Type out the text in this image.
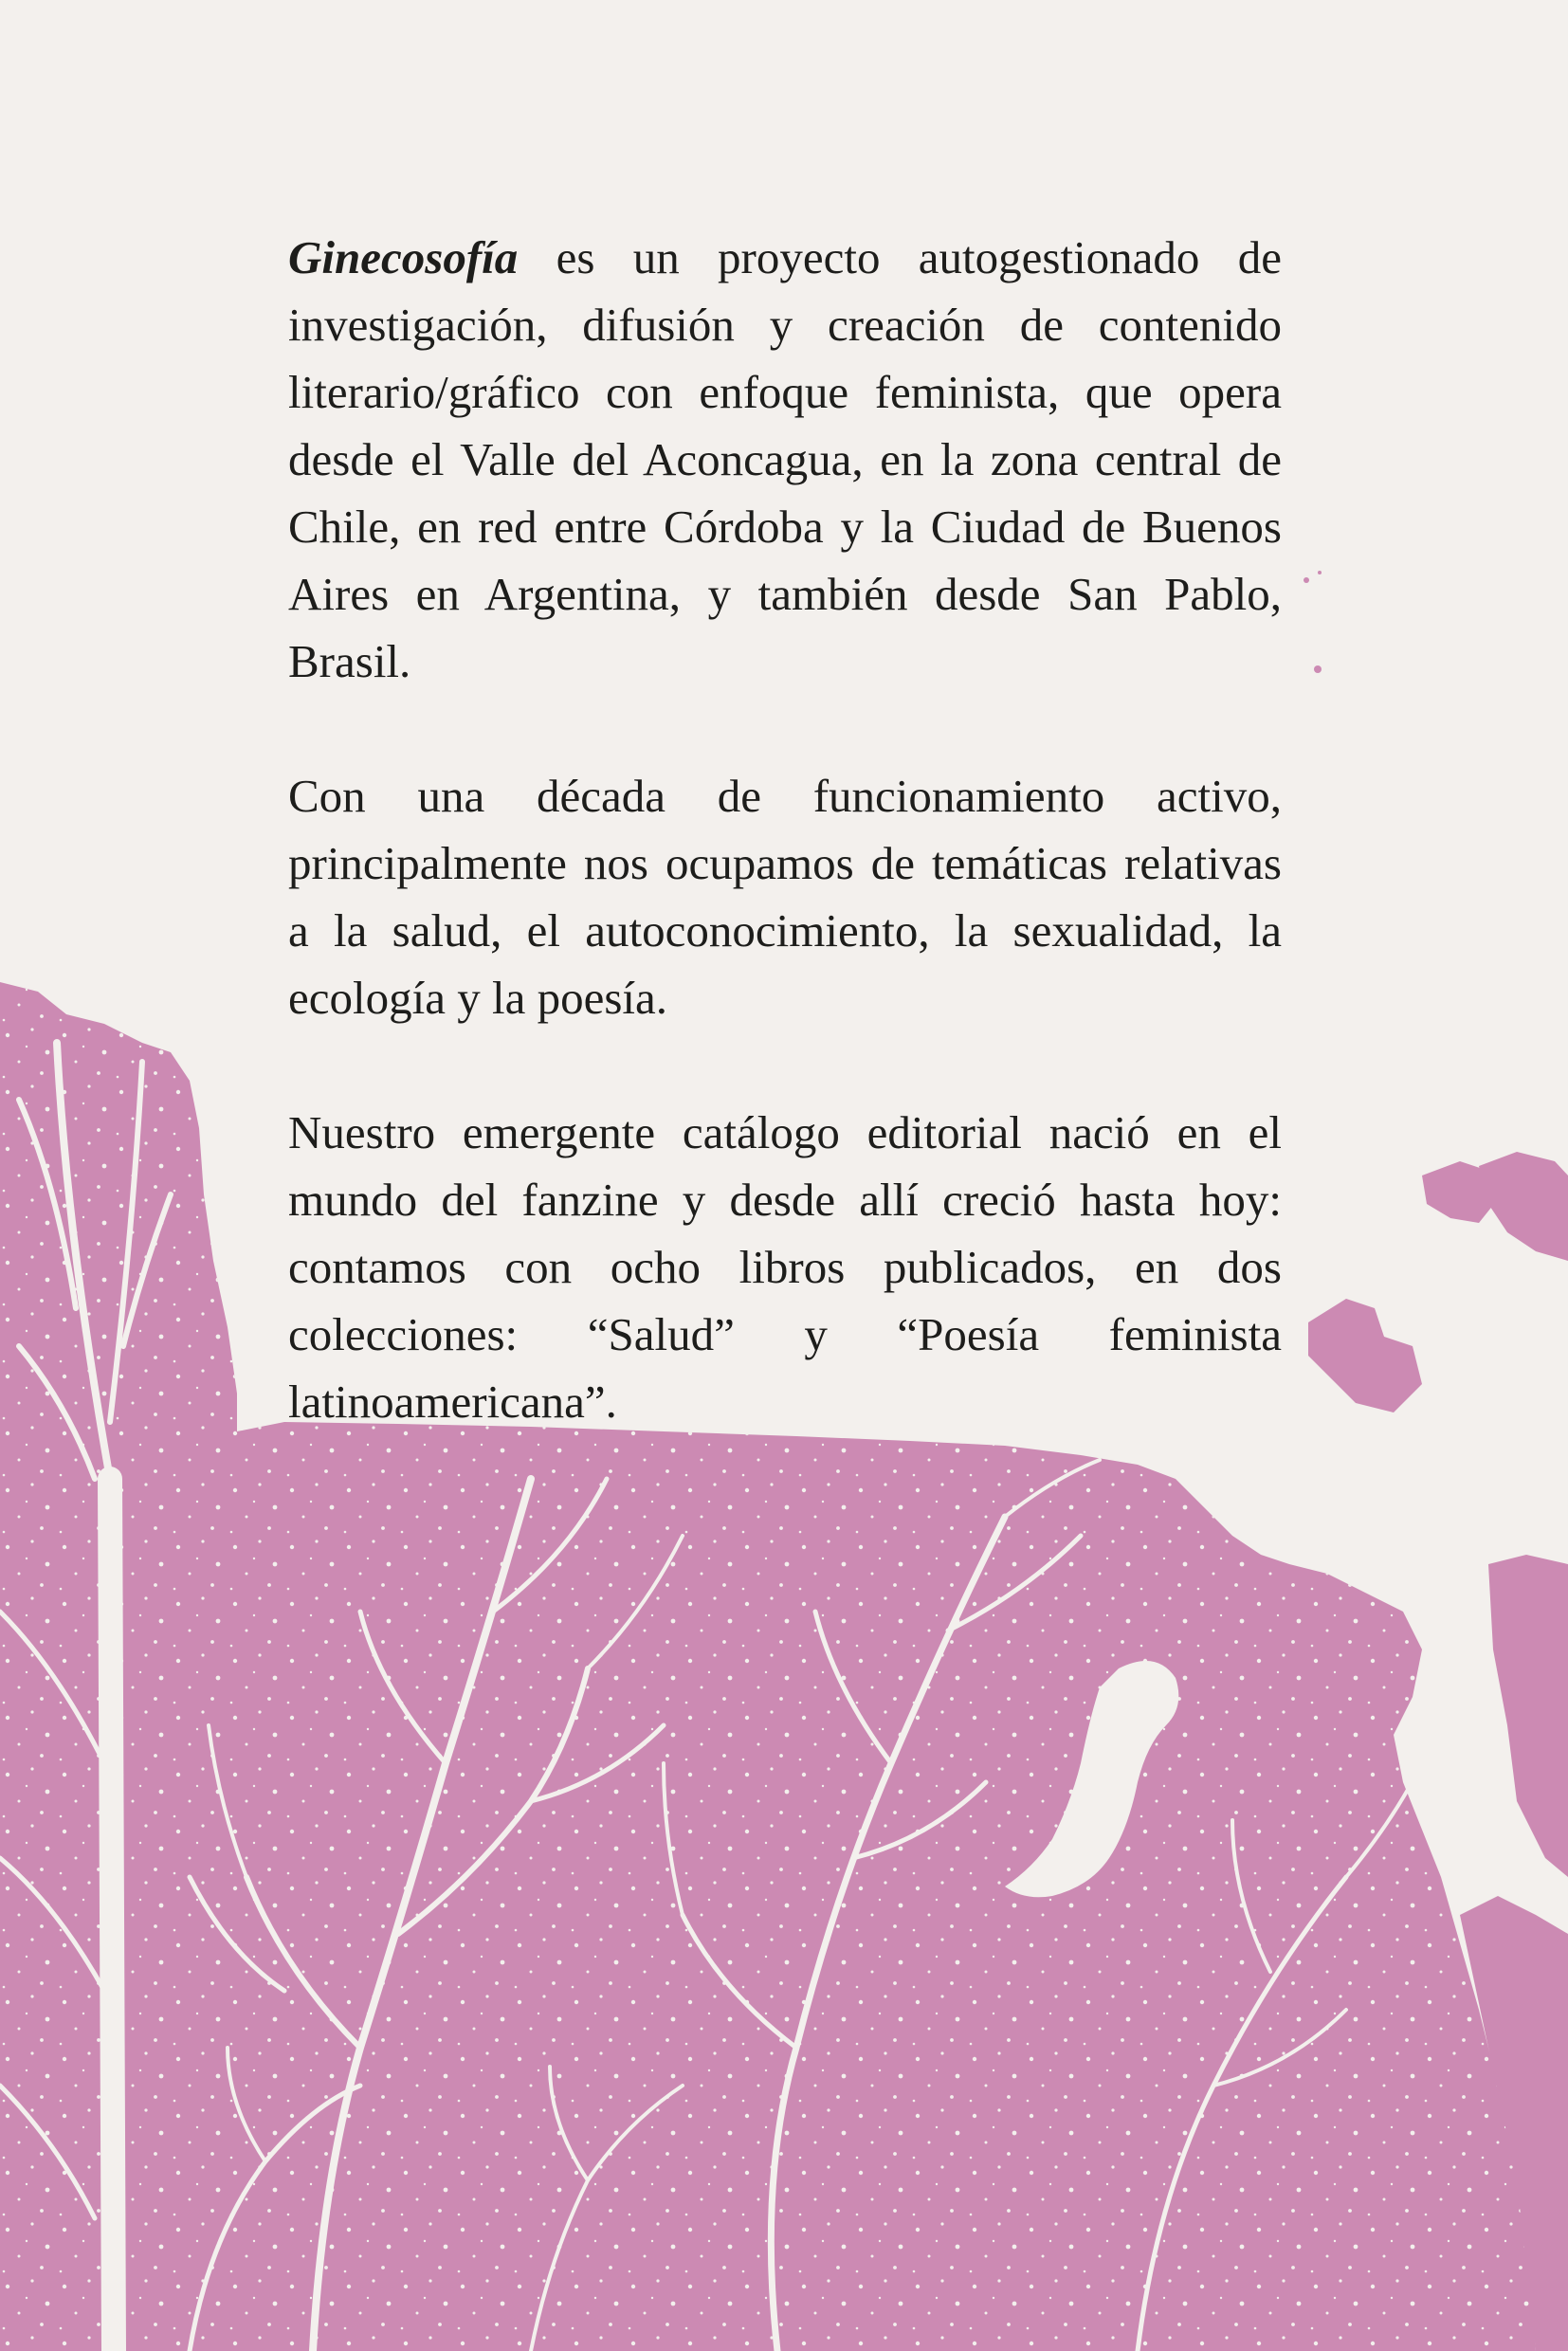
Ginecosofía es un proyecto autogestionado de investigación, difusión y creación de contenido literario/gráfico con enfoque feminista, que opera desde el Valle del Aconcagua, en la zona central de Chile, en red entre Córdoba y la Ciudad de Buenos Aires en Argentina, y también desde San Pablo, Brasil.

Con una década de funcionamiento activo, principalmente nos ocupamos de temáticas relativas a la salud, el autoconocimiento, la sexualidad, la ecología y la poesía.

Nuestro emergente catálogo editorial nació en el mundo del fanzine y desde allí creció hasta hoy: contamos con ocho libros publicados, en dos colecciones: “Salud” y “Poesía feminista latinoamericana”.
